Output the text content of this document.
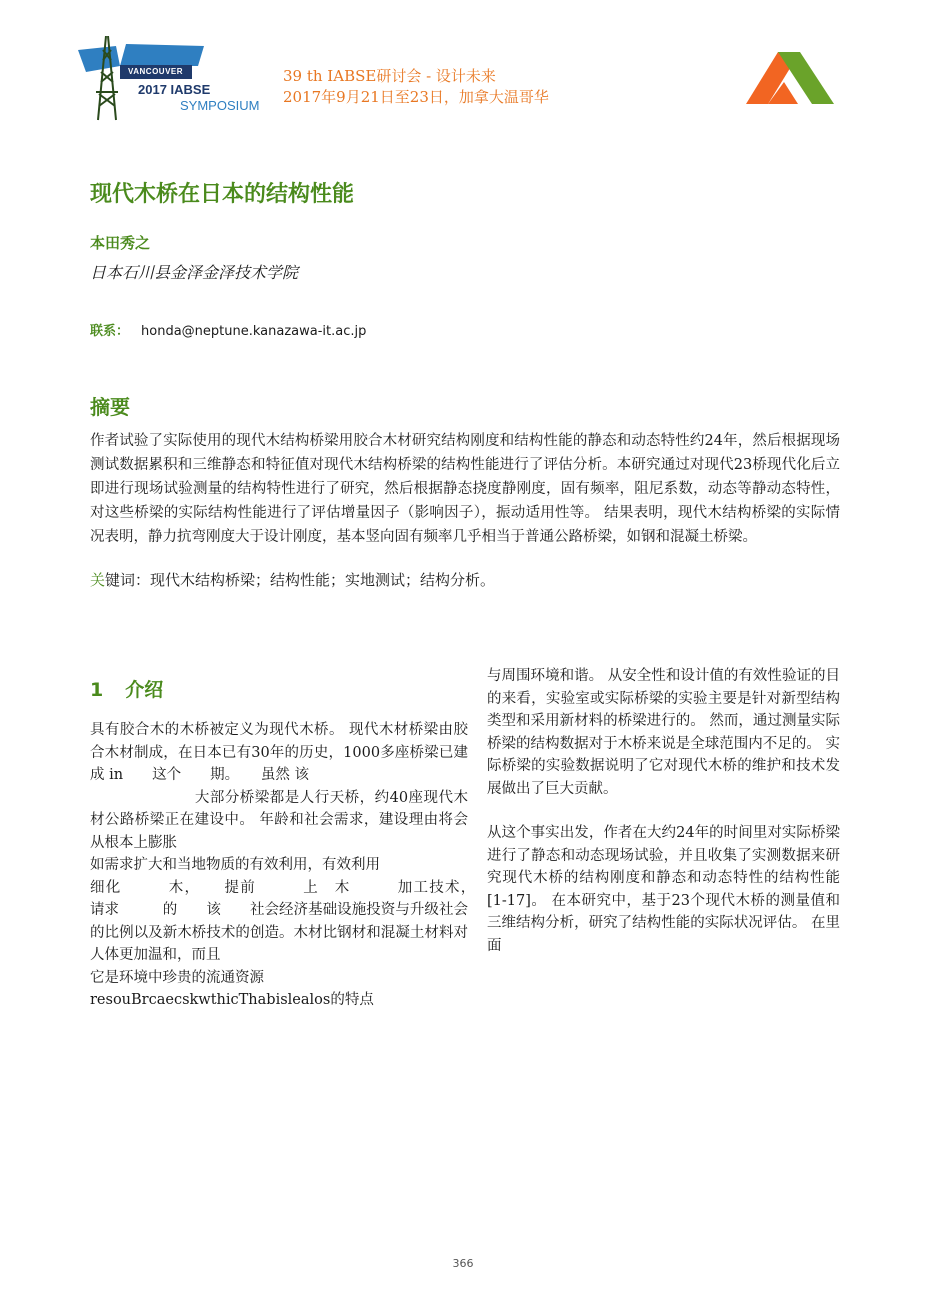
VANCOUVER
2017 IABSE
SYMPOSIUM
39 th IABSE研讨会 - 设计未来
2017年9月21日至23日，加拿大温哥华
现代木桥在日本的结构性能
本田秀之
日本石川县金泽金泽技术学院
联系： honda@neptune.kanazawa-it.ac.jp
摘要
作者试验了实际使用的现代木结构桥梁用胶合木材研究结构刚度和结构性能的静态和动态特性约24年，然后根据现场测试数据累积和三维静态和特征值对现代木结构桥梁的结构性能进行了评估分析。本研究通过对现代23桥现代化后立即进行现场试验测量的结构特性进行了研究，然后根据静态挠度静刚度，固有频率，阻尼系数，动态等静动态特性，对这些桥梁的实际结构性能进行了评估增量因子（影响因子），振动适用性等。 结果表明，现代木结构桥梁的实际情况表明，静力抗弯刚度大于设计刚度，基本竖向固有频率几乎相当于普通公路桥梁，如钢和混凝土桥梁。
关键词：现代木结构桥梁；结构性能；实地测试；结构分析。
1 介绍

具有胶合木的木桥被定义为现代木桥。 现代木材桥梁由胶合木材制成，在日本已有30年的历史，1000多座桥梁已建成 in　　这个　　期。　　虽然 该

　　　　　　　大部分桥梁都是人行天桥，约40座现代木材公路桥梁正在建设中。 年龄和社会需求，建设理由将会从根本上膨胀

如需求扩大和当地物质的有效利用，有效利用

细化　　　木，　　提前　　　上　木　　　加工技术，　　　　请求　　　的　　该　　社会经济基础设施投资与升级社会的比例以及新木桥技术的创造。木材比钢材和混凝土材料对人体更加温和，而且

它是环境中珍贵的流通资源

resouBrcaecskwthicThabisleal​os的特点

与周围环境和谐。 从安全性和设计值的有效性验证的目的来看，实验室或实际桥梁的实验主要是针对新型结构类型和采用新材料的桥梁进行的。 然而，通过测量实际桥梁的结构数据对于木桥来说是全球范围内不足的。 实际桥梁的实验数据说明了它对现代木桥的维护和技术发展做出了巨大贡献。

从这个事实出发，作者在大约24年的时间里对实际桥梁进行了静态和动态现场试验，并且收集了实测数据来研究现代木桥的结构刚度和静态和动态特性的结构性能[1-17]。 在本研究中，基于23个现代木桥的测量值和三维结构分析，研究了结构性能的实际状况评估。 在里面

366
